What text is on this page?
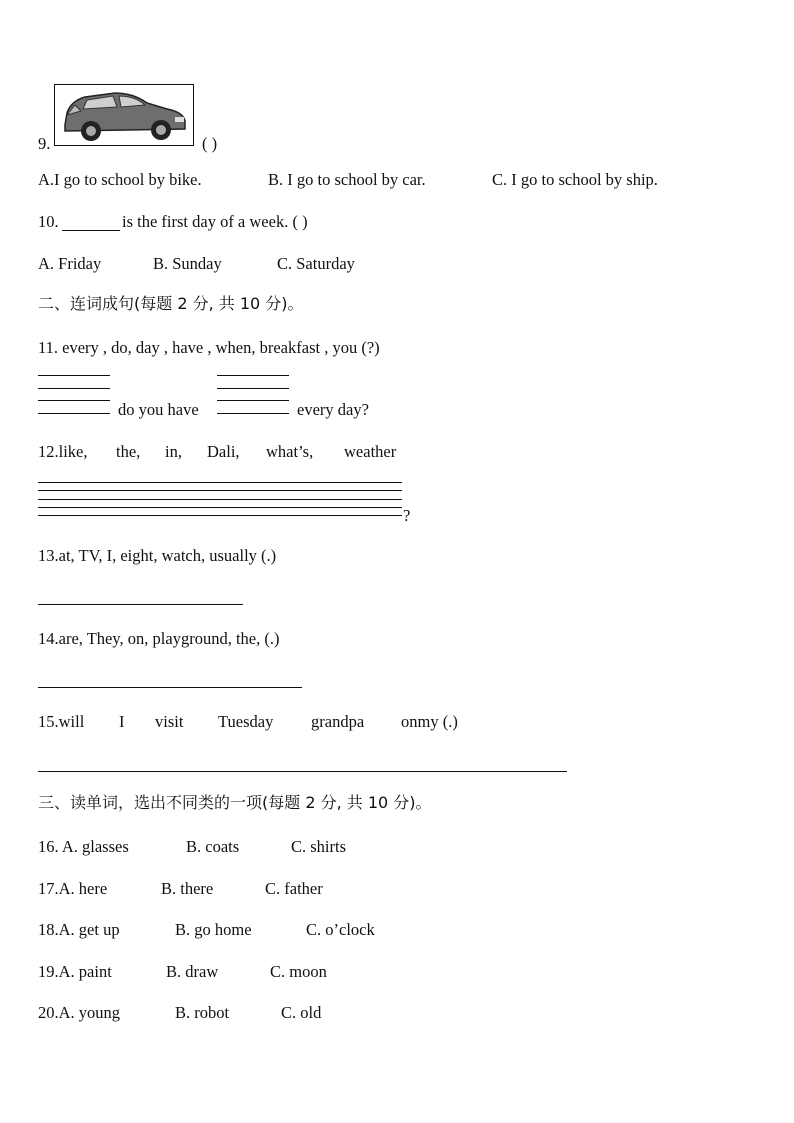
9.	( )
A.I go to school by bike.	B. I go to school by car.	C. I go to school by ship.
10.	is the first day of a week. ( )
A. Friday	B. Sunday	C. Saturday
二、连词成句(每题 2 分, 共 10 分)。
11. every , do, day , have , when, breakfast , you (?)
do you have	every day?
12.like, the, in, Dali, what’s, weather
?
13.at, TV, I, eight, watch, usually (.)
14.are, They, on, playground, the, (.)
15.will I visit Tuesday grandpa onmy (.)
三、读单词，选出不同类的一项(每题 2 分, 共 10 分)。
16. A. glasses	B. coats	C. shirts
17.A. here	B. there	C. father
18.A. get up	B. go home	C. o’clock
19.A. paint	B. draw	C. moon
20.A. young	B. robot	C. old
